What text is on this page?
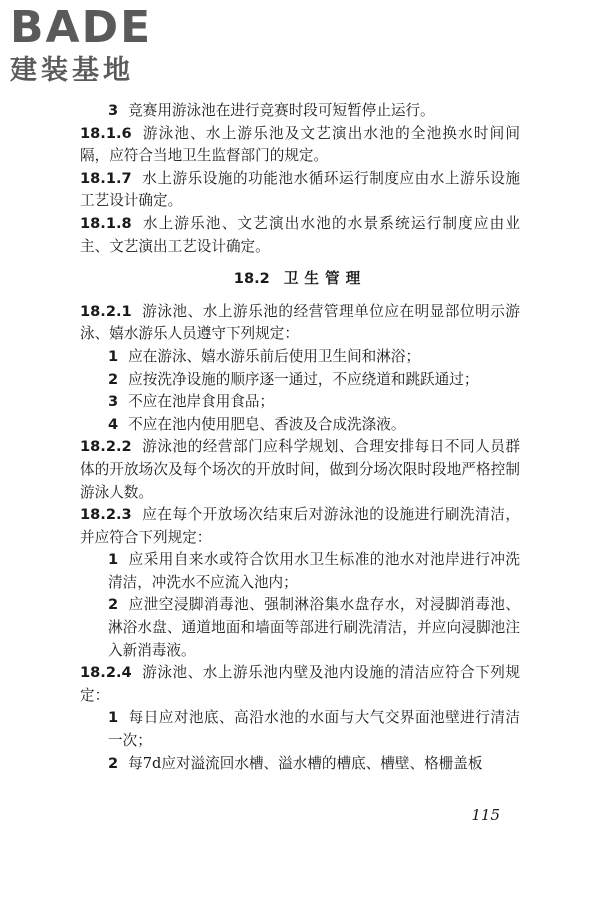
BADE
建装基地

3 竞赛用游泳池在进行竞赛时段可短暂停止运行。

18.1.6 游泳池、水上游乐池及文艺演出水池的全池换水时间间隔，应符合当地卫生监督部门的规定。

18.1.7 水上游乐设施的功能池水循环运行制度应由水上游乐设施工艺设计确定。

18.1.8 水上游乐池、文艺演出水池的水景系统运行制度应由业主、文艺演出工艺设计确定。

18.2 卫生管理

18.2.1 游泳池、水上游乐池的经营管理单位应在明显部位明示游泳、嬉水游乐人员遵守下列规定：

1 应在游泳、嬉水游乐前后使用卫生间和淋浴；

2 应按洗净设施的顺序逐一通过，不应绕道和跳跃通过；

3 不应在池岸食用食品；

4 不应在池内使用肥皂、香波及合成洗涤液。

18.2.2 游泳池的经营部门应科学规划、合理安排每日不同人员群体的开放场次及每个场次的开放时间，做到分场次限时段地严格控制游泳人数。

18.2.3 应在每个开放场次结束后对游泳池的设施进行刷洗清洁，并应符合下列规定：

1 应采用自来水或符合饮用水卫生标准的池水对池岸进行冲洗清洁，冲洗水不应流入池内；

2 应泄空浸脚消毒池、强制淋浴集水盘存水，对浸脚消毒池、淋浴水盘、通道地面和墙面等部进行刷洗清洁，并应向浸脚池注入新消毒液。

18.2.4 游泳池、水上游乐池内壁及池内设施的清洁应符合下列规定：

1 每日应对池底、高沿水池的水面与大气交界面池壁进行清洁一次；

2 每7d应对溢流回水槽、溢水槽的槽底、槽壁、格栅盖板

115
